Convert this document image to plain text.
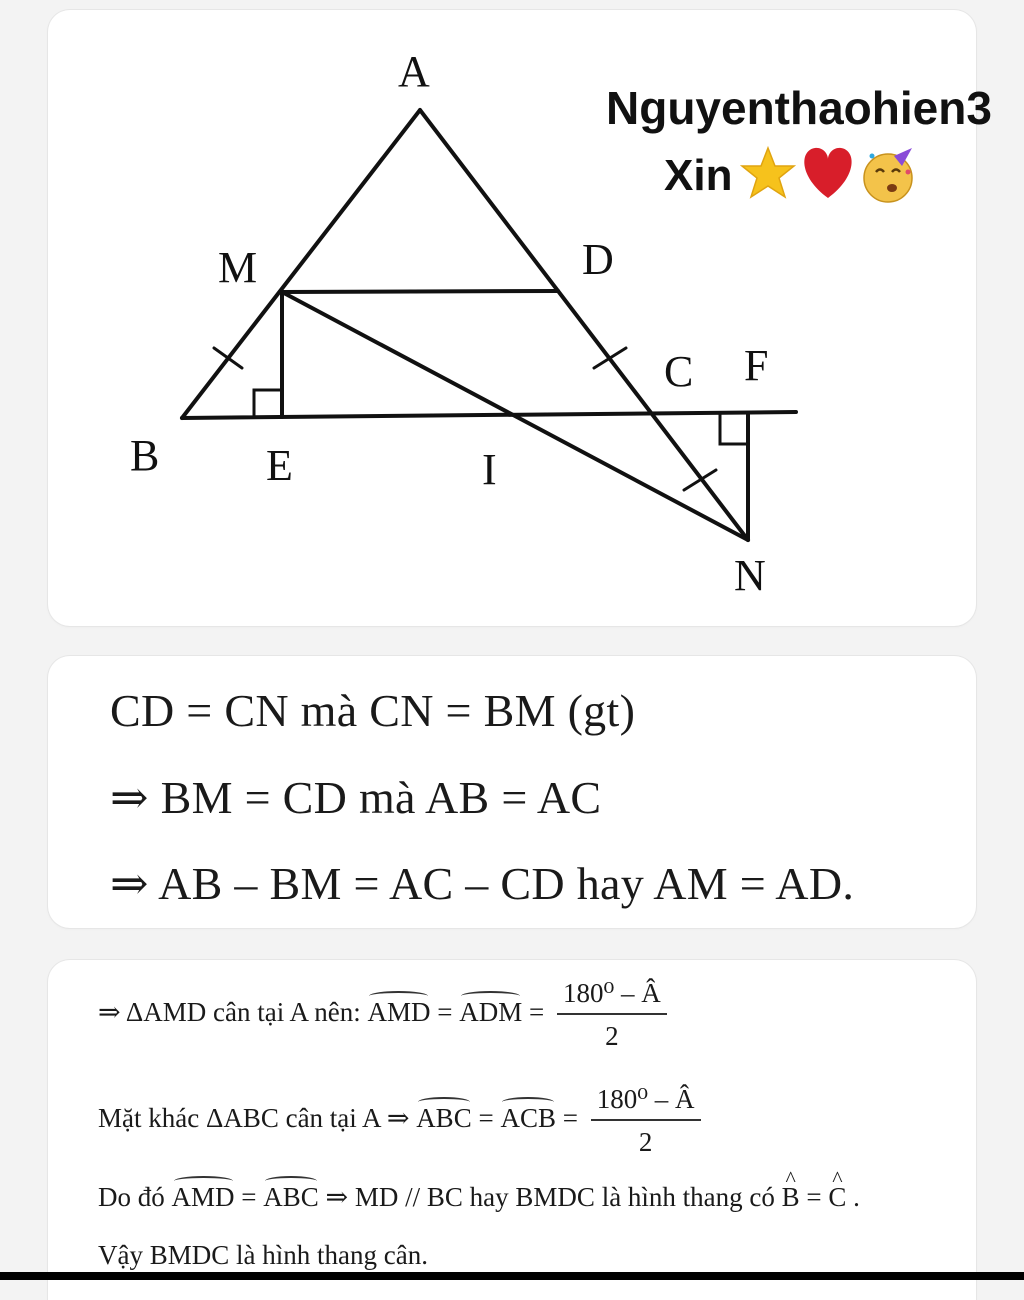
A
M	D
C F
B E	I
N
Nguyenthaohien3
Xin
CD = CN mà CN = BM (gt)
⇒ BM = CD mà AB = AC
⇒ AB – BM = AC – CD hay AM = AD.
⇒ ΔAMD cân tại A nên: AMD = ADM = $\frac{\text{180⁰ – Â}}{2}$
Mặt khác ΔABC cân tại A ⇒ ABC = ACB = $\frac{\text{180⁰ – Â}}{2}$
Do đó AMD = ABC ⇒ MD // BC hay BMDC là hình thang có ^ B = ^ C .
Vậy BMDC là hình thang cân.
